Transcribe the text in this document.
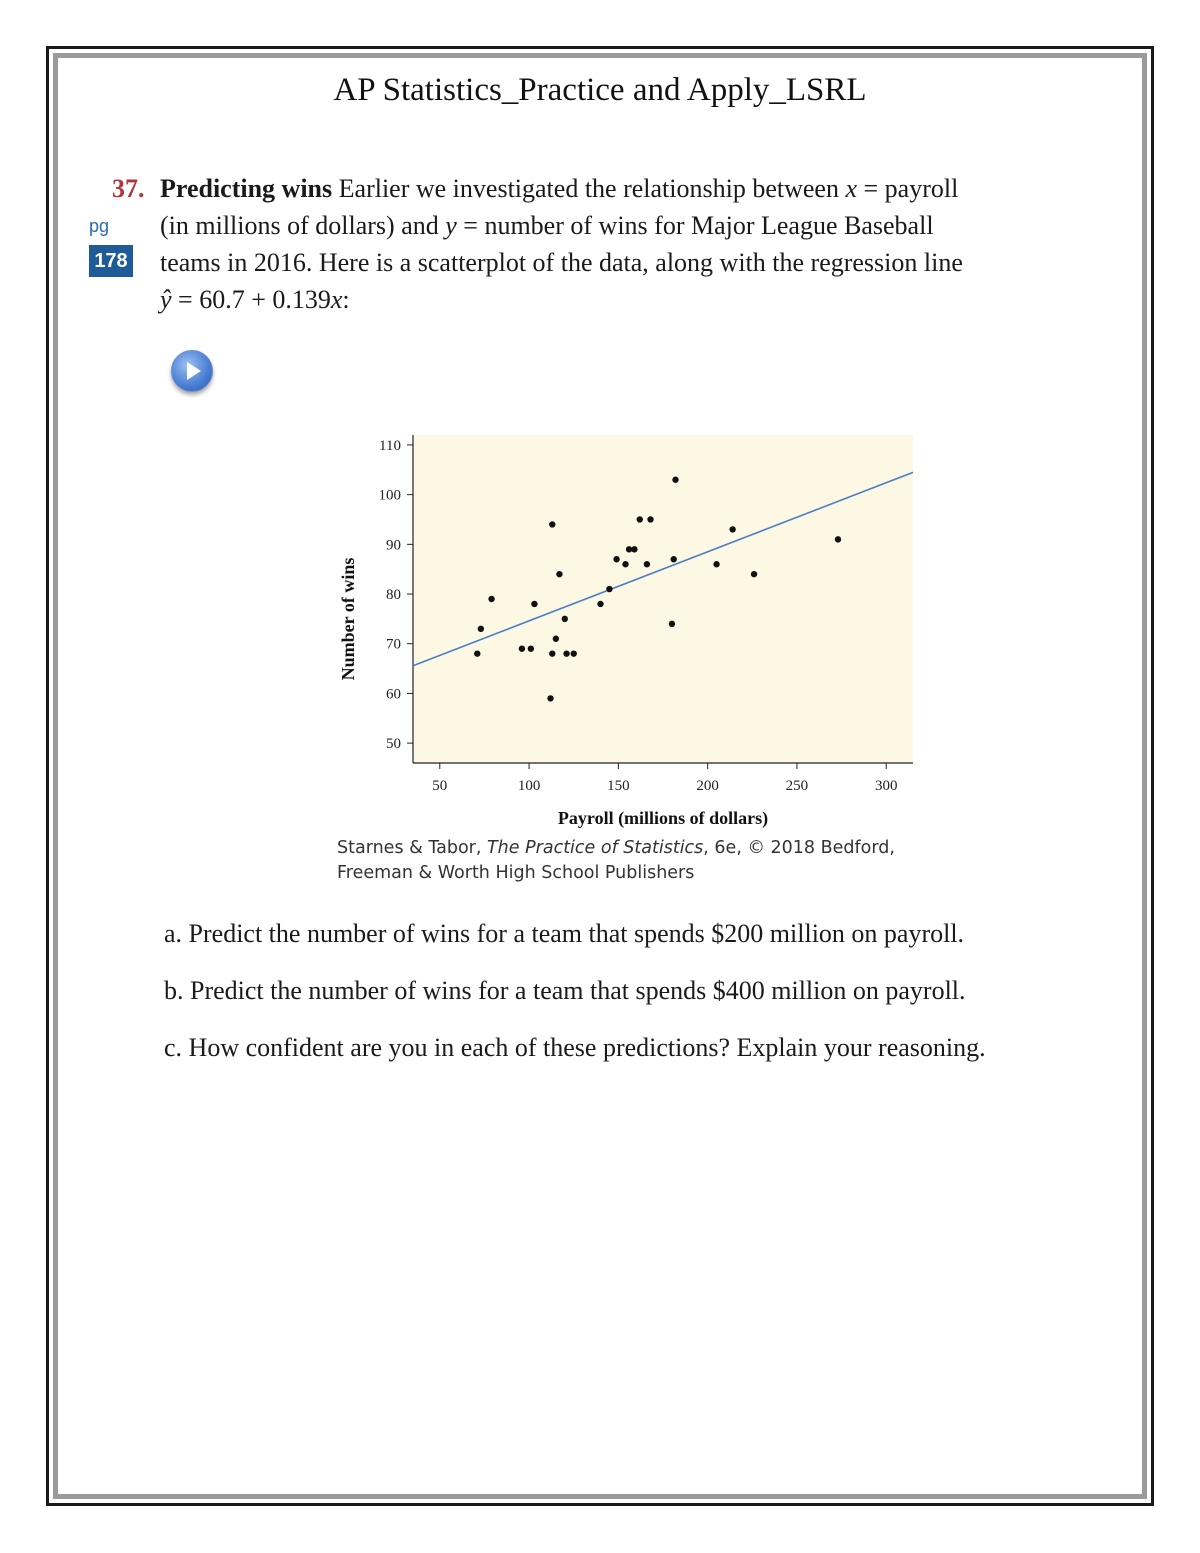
AP Statistics_Practice and Apply_LSRL
37.
pg
178
Predicting wins Earlier we investigated the relationship between x = payroll
(in millions of dollars) and y = number of wins for Major League Baseball
teams in 2016. Here is a scatterplot of the data, along with the regression line
ŷ = 60.7 + 0.139x:
50
60
70
80
90
100
110
50	100	150	200	250	300
Payroll (millions of dollars)
Number of wins
Starnes & Tabor, The Practice of Statistics, 6e, © 2018 Bedford,
Freeman & Worth High School Publishers
a. Predict the number of wins for a team that spends $200 million on payroll.
b. Predict the number of wins for a team that spends $400 million on payroll.
c. How confident are you in each of these predictions? Explain your reasoning.
